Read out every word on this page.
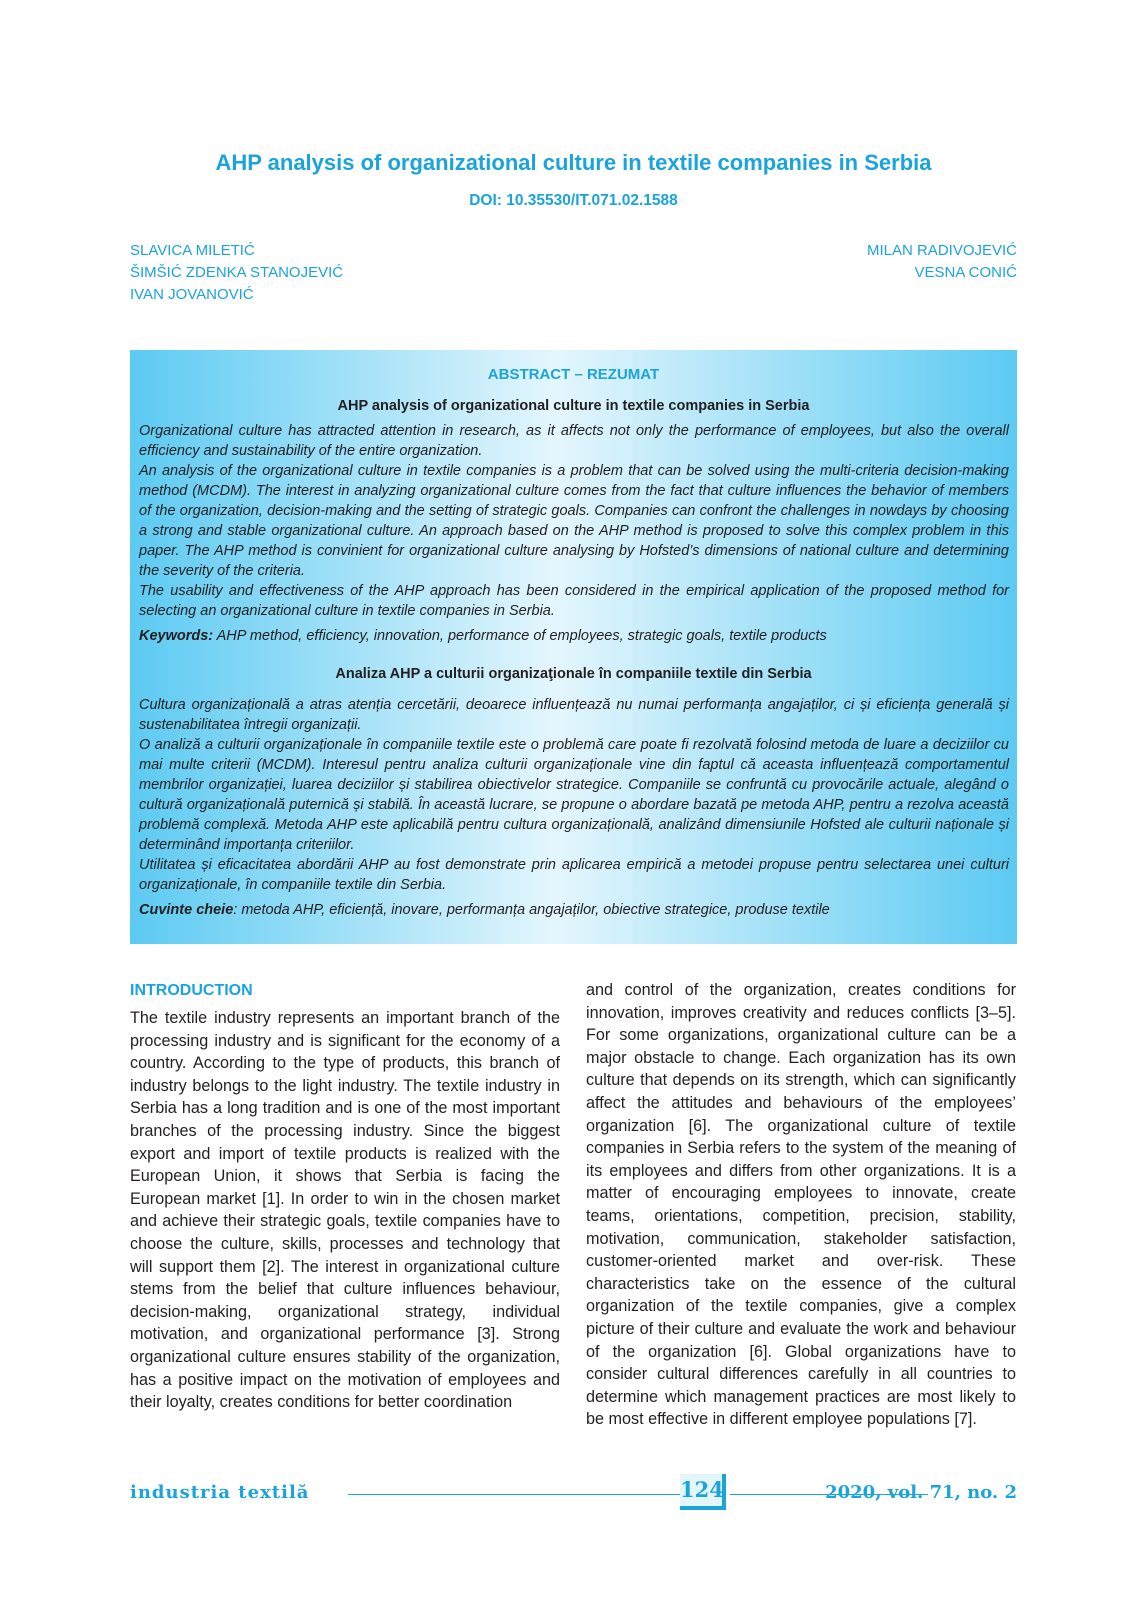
AHP analysis of organizational culture in textile companies in Serbia
DOI: 10.35530/IT.071.02.1588
SLAVICA MILETIĆ
ŠIMŠIĆ ZDENKA STANOJEVIĆ
IVAN JOVANOVIĆ
MILAN RADIVOJEVIĆ
VESNA CONIĆ
ABSTRACT – REZUMAT
AHP analysis of organizational culture in textile companies in Serbia

Organizational culture has attracted attention in research, as it affects not only the performance of employees, but also the overall efficiency and sustainability of the entire organization.
An analysis of the organizational culture in textile companies is a problem that can be solved using the multi-criteria decision-making method (MCDM). The interest in analyzing organizational culture comes from the fact that culture influences the behavior of members of the organization, decision-making and the setting of strategic goals. Companies can confront the challenges in nowdays by choosing a strong and stable organizational culture. An approach based on the AHP method is proposed to solve this complex problem in this paper. The AHP method is convinient for organizational culture analysing by Hofsted’s dimensions of national culture and determining the severity of the criteria.
The usability and effectiveness of the AHP approach has been considered in the empirical application of the proposed method for selecting an organizational culture in textile companies in Serbia.

Keywords: AHP method, efficiency, innovation, performance of employees, strategic goals, textile products
Analiza AHP a culturii organizaţionale în companiile textile din Serbia

Cultura organizațională a atras atenția cercetării, deoarece influențează nu numai performanța angajaților, ci și eficiența generală și sustenabilitatea întregii organizații.
O analiză a culturii organizaționale în companiile textile este o problemă care poate fi rezolvată folosind metoda de luare a deciziilor cu mai multe criterii (MCDM). Interesul pentru analiza culturii organizaționale vine din faptul că aceasta influențează comportamentul membrilor organizației, luarea deciziilor și stabilirea obiectivelor strategice. Companiile se confruntă cu provocările actuale, alegând o cultură organizațională puternică și stabilă. În această lucrare, se propune o abordare bazată pe metoda AHP, pentru a rezolva această problemă complexă. Metoda AHP este aplicabilă pentru cultura organizațională, analizând dimensiunile Hofsted ale culturii naționale și determinând importanța criteriilor.
Utilitatea și eficacitatea abordării AHP au fost demonstrate prin aplicarea empirică a metodei propuse pentru selectarea unei culturi organizaționale, în companiile textile din Serbia.

Cuvinte cheie: metoda AHP, eficiență, inovare, performanța angajaților, obiective strategice, produse textile
INTRODUCTION

The textile industry represents an important branch of the processing industry and is significant for the economy of a country. According to the type of products, this branch of industry belongs to the light industry. The textile industry in Serbia has a long tradition and is one of the most important branches of the processing industry. Since the biggest export and import of textile products is realized with the European Union, it shows that Serbia is facing the European market [1]. In order to win in the chosen market and achieve their strategic goals, textile companies have to choose the culture, skills, processes and technology that will support them [2]. The interest in organizational culture stems from the belief that culture influences behaviour, decision-making, organizational strategy, individual motivation, and organizational performance [3]. Strong organizational culture ensures stability of the organization, has a positive impact on the motivation of employees and their loyalty, creates conditions for better coordination

and control of the organization, creates conditions for innovation, improves creativity and reduces conflicts [3–5]. For some organizations, organizational culture can be a major obstacle to change. Each organization has its own culture that depends on its strength, which can significantly affect the attitudes and behaviours of the employees’ organization [6]. The organizational culture of textile companies in Serbia refers to the system of the meaning of its employees and differs from other organizations. It is a matter of encouraging employees to innovate, create teams, orientations, competition, precision, stability, motivation, communication, stakeholder satisfaction, customer-oriented market and over-risk. These characteristics take on the essence of the cultural organization of the textile companies, give a complex picture of their culture and evaluate the work and behaviour of the organization [6]. Global organizations have to consider cultural differences carefully in all countries to determine which management practices are most likely to be most effective in different employee populations [7].

industria textilă	124	2020, vol. 71, no. 2
